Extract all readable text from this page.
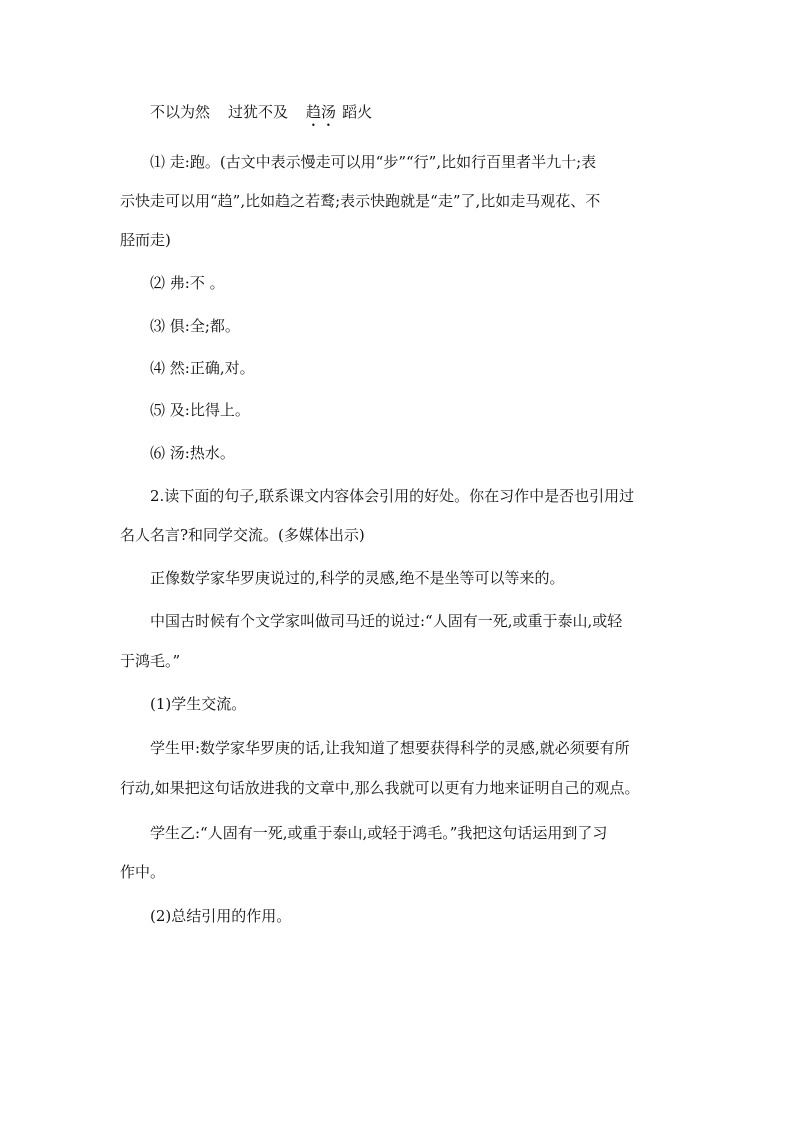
不以为然 过犹不及 趋汤 蹈火
⑴ 走:跑。(古文中表示慢走可以用“步”“行”,比如行百里者半九十;表
示快走可以用“趋”,比如趋之若鹜;表示快跑就是“走”了,比如走马观花、不
胫而走)
⑵ 弗:不 。
⑶ 俱:全;都。
⑷ 然:正确,对。
⑸ 及:比得上。
⑹ 汤:热水。
2.读下面的句子,联系课文内容体会引用的好处。你在习作中是否也引用过
名人名言?和同学交流。(多媒体出示)
正像数学家华罗庚说过的,科学的灵感,绝不是坐等可以等来的。
中国古时候有个文学家叫做司马迁的说过:“人固有一死,或重于泰山,或轻
于鸿毛。”
(1)学生交流。
学生甲:数学家华罗庚的话,让我知道了想要获得科学的灵感,就必须要有所
行动,如果把这句话放进我的文章中,那么我就可以更有力地来证明自己的观点。
学生乙:“人固有一死,或重于泰山,或轻于鸿毛。”我把这句话运用到了习
作中。
(2)总结引用的作用。
